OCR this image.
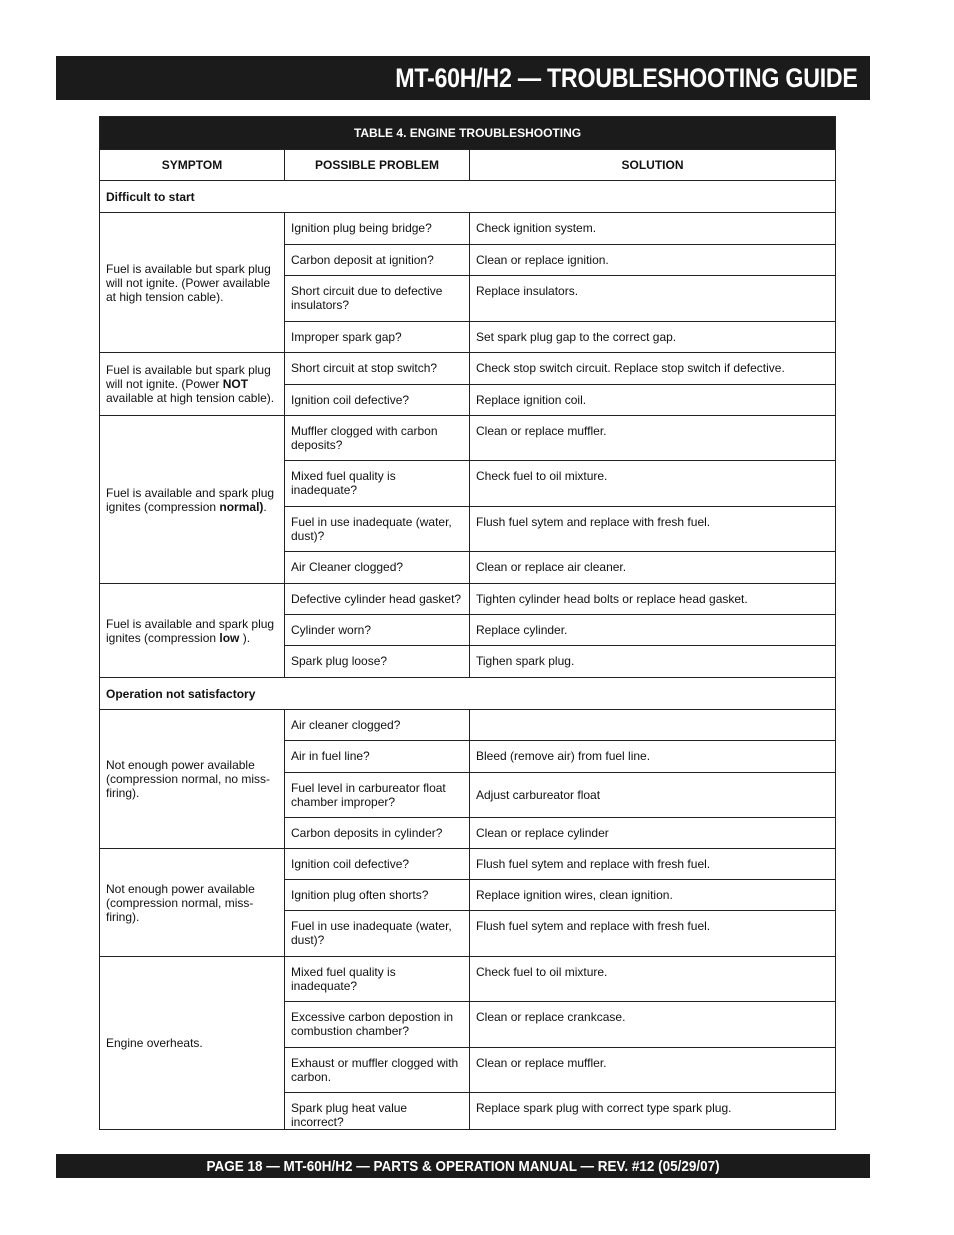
MT-60H/H2 — TROUBLESHOOTING GUIDE
TABLE 4. ENGINE TROUBLESHOOTING		
SYMPTOM	POSSIBLE PROBLEM	SOLUTION
Difficult to start		
Fuel is available but spark plug will not ignite. (Power available at high tension cable).	Ignition plug being bridge?	Check ignition system.
	Carbon deposit at ignition?	Clean or replace ignition.
	Short circuit due to defective insulators?	Replace insulators.
	Improper spark gap?	Set spark plug gap to the correct gap.
Fuel is available but spark plug will not ignite. (Power NOT available at high tension cable).	Short circuit at stop switch?	Check stop switch circuit. Replace stop switch if defective.
	Ignition coil defective?	Replace ignition coil.
Fuel is available and spark plug ignites (compression normal).	Muffler clogged with carbon deposits?	Clean or replace muffler.
	Mixed fuel quality is inadequate?	Check fuel to oil mixture.
	Fuel in use inadequate (water, dust)?	Flush fuel sytem and replace with fresh fuel.
	Air Cleaner clogged?	Clean or replace air cleaner.
Fuel is available and spark plug ignites (compression low ).	Defective cylinder head gasket?	Tighten cylinder head bolts or replace head gasket.
	Cylinder worn?	Replace cylinder.
	Spark plug loose?	Tighen spark plug.
Operation not satisfactory		
Not enough power available (compression normal, no miss-firing).	Air cleaner clogged?	
	Air in fuel line?	Bleed (remove air) from fuel line.
	Fuel level in carbureator float chamber improper?	Adjust carbureator float
	Carbon deposits in cylinder?	Clean or replace cylinder
Not enough power available (compression normal, miss-firing).	Ignition coil defective?	Flush fuel sytem and replace with fresh fuel.
	Ignition plug often shorts?	Replace ignition wires, clean ignition.
	Fuel in use inadequate (water, dust)?	Flush fuel sytem and replace with fresh fuel.
Engine overheats.	Mixed fuel quality is inadequate?	Check fuel to oil mixture.
	Excessive carbon depostion in combustion chamber?	Clean or replace crankcase.
	Exhaust or muffler clogged with carbon.	Clean or replace muffler.
	Spark plug heat value incorrect?	Replace spark plug with correct type spark plug.
PAGE 18 — MT-60H/H2 — PARTS & OPERATION MANUAL — REV. #12 (05/29/07)
